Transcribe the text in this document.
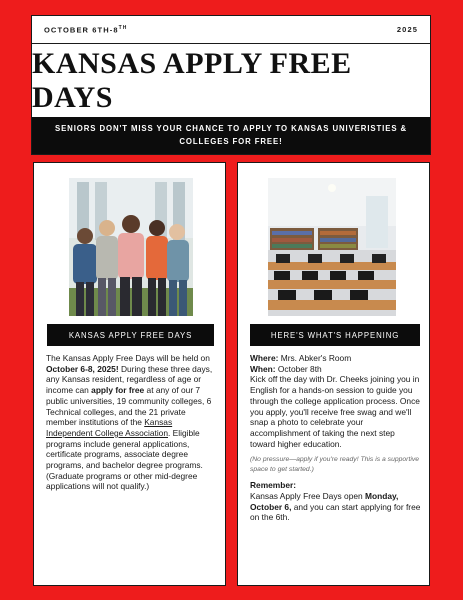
OCTOBER 6TH-8TH	2025
KANSAS APPLY FREE DAYS
SENIORS DON'T MISS YOUR CHANCE TO APPLY TO KANSAS UNIVERISTIES &
COLLEGES FOR FREE!
KANSAS APPLY FREE DAYS
The Kansas Apply Free Days will be held on October 6-8, 2025! During these three days, any Kansas resident, regardless of age or income can apply for free at any of our 7 public universities, 19 community colleges, 6 Technical colleges, and the 21 private member institutions of the Kansas Independent College Association. Eligible programs include general applications, certificate programs, associate degree programs, and bachelor degree programs. (Graduate programs or other mid-degree applications will not qualify.)
HERE'S WHAT'S HAPPENING
Where: Mrs. Abker's Room
When: October 8th
Kick off the day with Dr. Cheeks joining you in English for a hands-on session to guide you through the college application process. Once you apply, you'll receive free swag and we'll snap a photo to celebrate your accomplishment of taking the next step toward higher education.
(No pressure—apply if you're ready! This is a supportive space to get started.)
Remember:
Kansas Apply Free Days open Monday, October 6, and you can start applying for free on the 6th.
